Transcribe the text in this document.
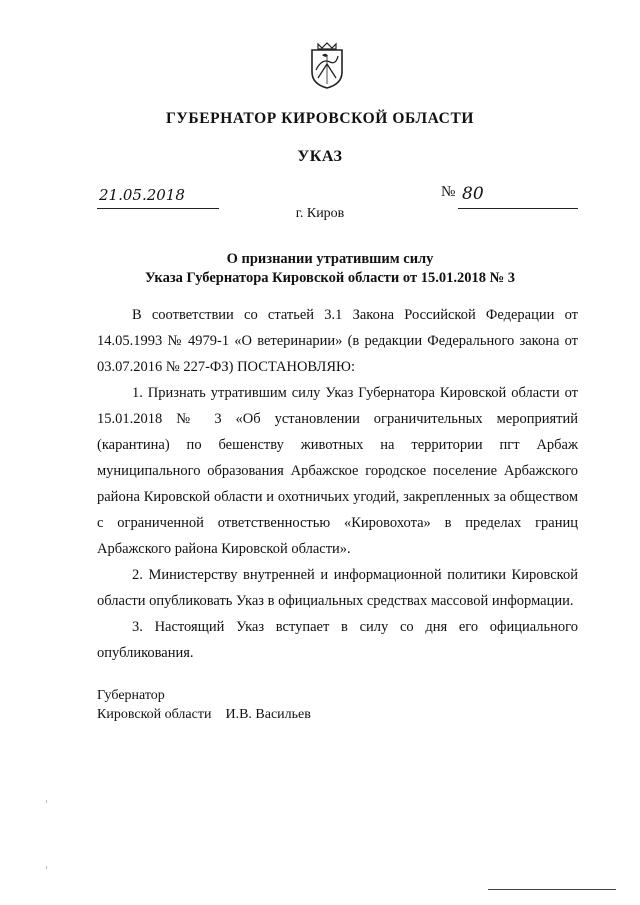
ГУБЕРНАТОР КИРОВСКОЙ ОБЛАСТИ
УКАЗ
21.05.2018	№ 80
г. Киров
О признании утратившим силу
Указа Губернатора Кировской области от 15.01.2018 № 3

В соответствии со статьей 3.1 Закона Российской Федерации от 14.05.1993 № 4979-1 «О ветеринарии» (в редакции Федерального закона от 03.07.2016 № 227-ФЗ) ПОСТАНОВЛЯЮ:

1. Признать утратившим силу Указ Губернатора Кировской области от 15.01.2018 № 3 «Об установлении ограничительных мероприятий (карантина) по бешенству животных на территории пгт Арбаж муниципального образования Арбажское городское поселение Арбажского района Кировской области и охотничьих угодий, закрепленных за обществом с ограниченной ответственностью «Кировохота» в пределах границ Арбажского района Кировской области».

2. Министерству внутренней и информационной политики Кировской области опубликовать Указ в официальных средствах массовой информации.

3. Настоящий Указ вступает в силу со дня его официального опубликования.

Губернатор
Кировской области И.В. Васильев
